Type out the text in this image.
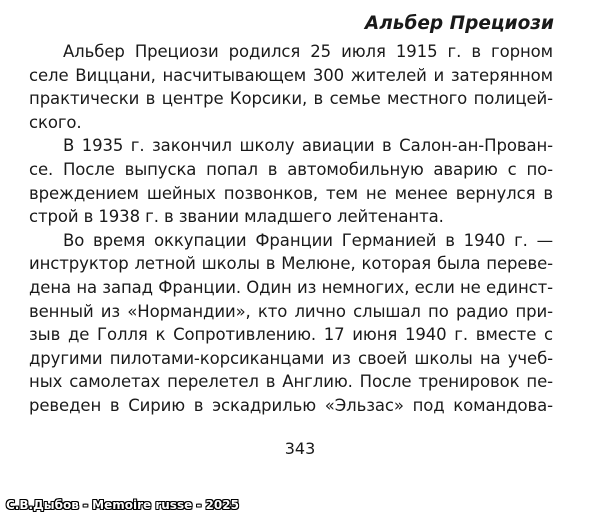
Альбер Прециози
Альбер Прециози родился 25 июля 1915 г. в горном
селе Виццани, насчитывающем 300 жителей и затерянном
практически в центре Корсики, в семье местного полицей-
ского.
В 1935 г. закончил школу авиации в Салон-ан-Прован-
се. После выпуска попал в автомобильную аварию с по-
вреждением шейных позвонков, тем не менее вернулся в
строй в 1938 г. в звании младшего лейтенанта.
Во время оккупации Франции Германией в 1940 г. —
инструктор летной школы в Мелюне, которая была переве-
дена на запад Франции. Один из немногих, если не единст-
венный из «Нормандии», кто лично слышал по радио при-
зыв де Голля к Сопротивлению. 17 июня 1940 г. вместе с
другими пилотами-корсиканцами из своей школы на учеб-
ных самолетах перелетел в Англию. После тренировок пе-
реведен в Сирию в эскадрилью «Эльзас» под командова-
343
С.В.Дыбов - Memoire russe - 2025
